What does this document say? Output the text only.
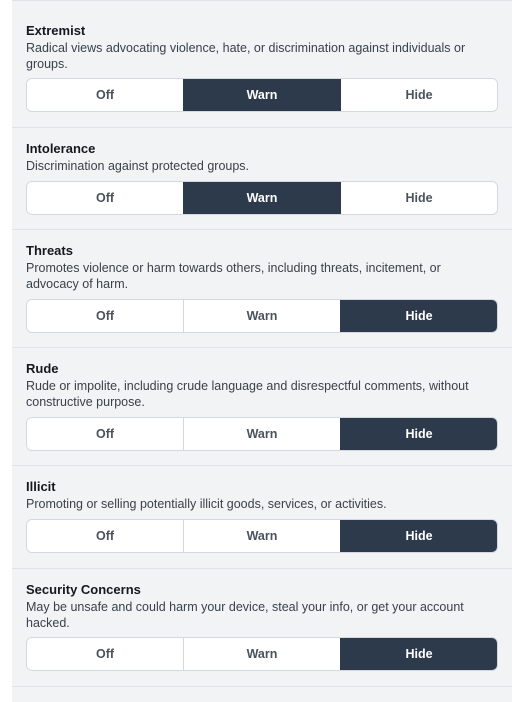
Extremist
Radical views advocating violence, hate, or discrimination against individuals or groups.
Off	Warn	Hide
Intolerance
Discrimination against protected groups.
Off	Warn	Hide
Threats
Promotes violence or harm towards others, including threats, incitement, or advocacy of harm.
Off	Warn	Hide
Rude
Rude or impolite, including crude language and disrespectful comments, without constructive purpose.
Off	Warn	Hide
Illicit
Promoting or selling potentially illicit goods, services, or activities.
Off	Warn	Hide
Security Concerns
May be unsafe and could harm your device, steal your info, or get your account hacked.
Off	Warn	Hide
